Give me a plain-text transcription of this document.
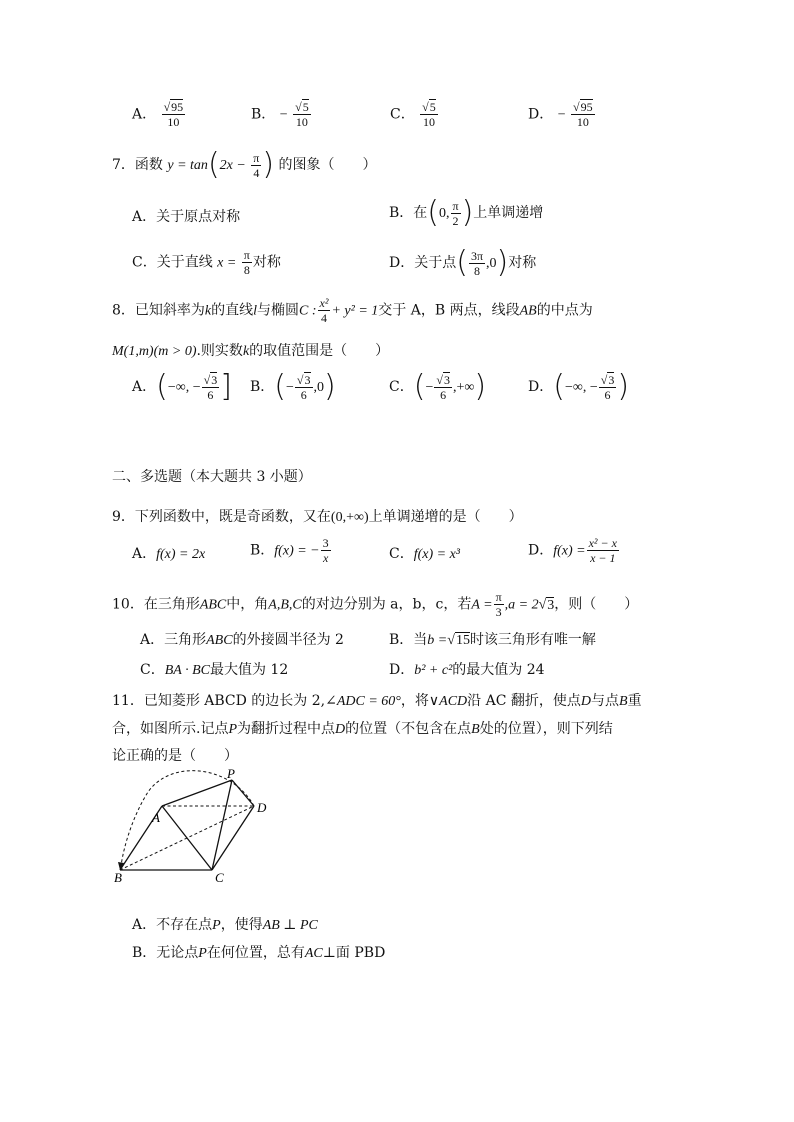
A． $\frac{√95}{10}$	B． − $\frac{√5}{10}$	C． $\frac{√5}{10}$	D． − $\frac{√95}{10}$
7．函数 $y = \tan(2x - \frac{\pi}{4}$ ) 的图象（　　）
A．关于原点对称	B．在(0, $\frac{\pi}{2}$ )上单调递增
C．关于直线 $x = \frac{\pi}{8}$ 对称	D．关于点( $\frac{3\pi}{8} ,0$)对称
8．已知斜率为k的直线l与椭圆C : $\frac{\text{x²}}{4} + y^2 = 1$交于 A，B 两点，线段AB的中点为
M(1,m)(m > 0).则实数k的取值范围是（　　）
A．(−∞, − $\frac{√3}{6}$ ] B．(− $\frac{√3}{6} ,0$)	C．(− $\frac{√3}{6}$ ,+∞)	D．(−∞, − $\frac{√3}{6}$ )
二、多选题（本大题共 3 小题）
9．下列函数中，既是奇函数，又在(0,+∞)上单调递增的是（　　）
A．f(x) = 2x	B．f(x) = − $\frac{3}{x}$	C．f(x) = x³	D．$f(x) = \frac{\text{x² − x}}{x - 1}$
10．在三角形ABC中，角A,B,C的对边分别为 a，b，c，若$A = \frac{\pi}{3} ,a = 2√3$，则（　　）
A．三角形ABC的外接圆半径为 2	B．当b =√15时该三角形有唯一解
C．BA · BC最大值为 12	D．b² + c²的最大值为 24
11．已知菱形 ABCD 的边长为 2,∠ADC = 60°，将∨ACD沿 AC 翻折，使点D与点B重
合，如图所示.记点P为翻折过程中点D的位置（不包含在点B处的位置），则下列结
论正确的是（　　）
P
A
D
B	C
A．不存在点P，使得AB ⊥ PC
B．无论点P在何位置，总有AC⊥面 PBD
